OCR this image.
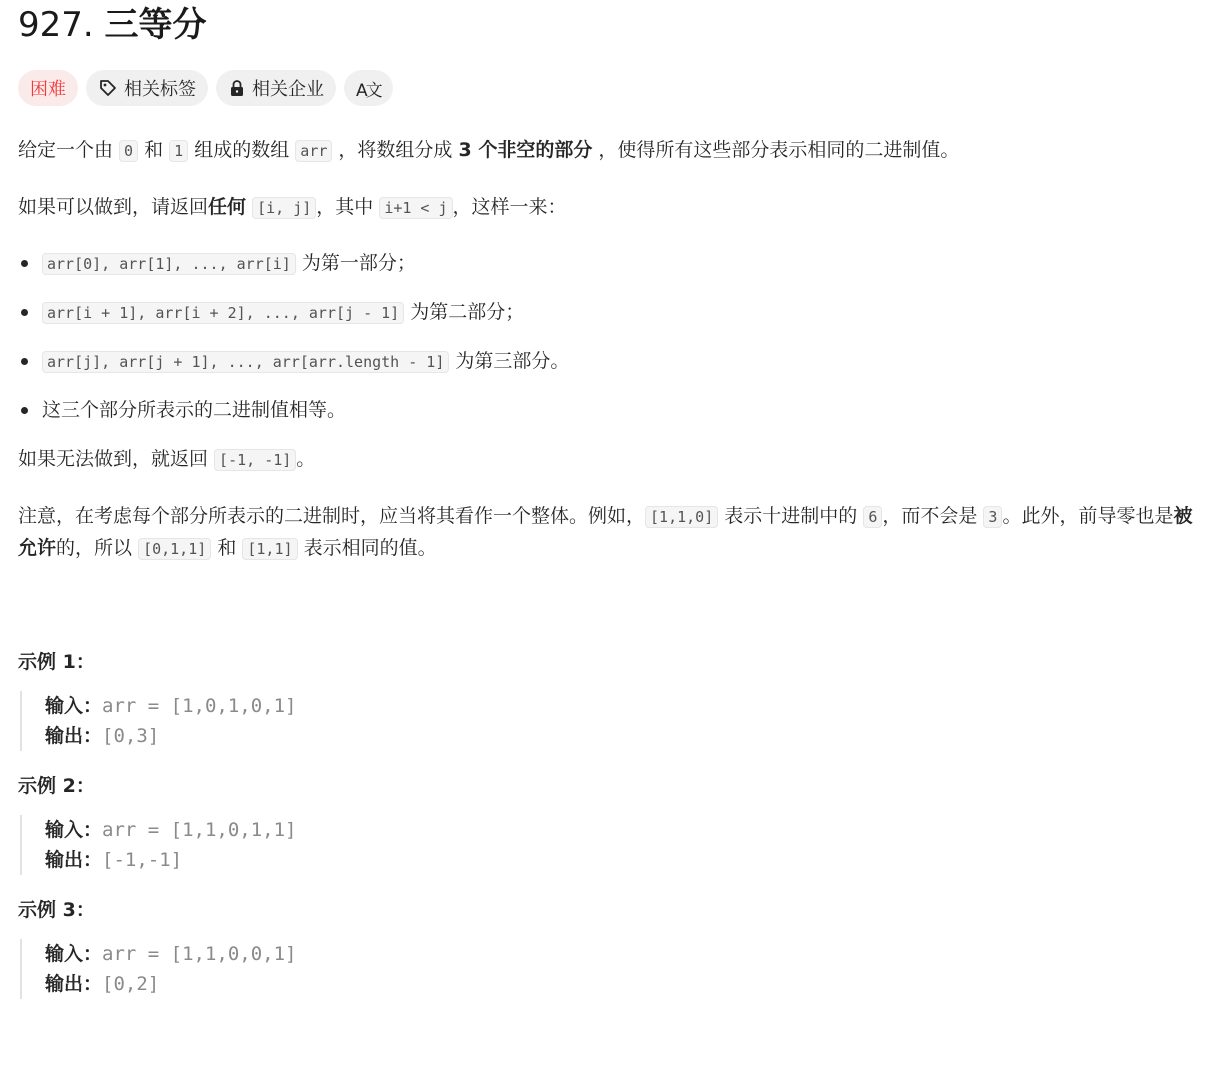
927. 三等分
困难	相关标签	相关企业 A文

给定一个由 0 和 1 组成的数组 arr ，将数组分成 3 个非空的部分 ，使得所有这些部分表示相同的二进制值。

如果可以做到，请返回任何 [i, j] ，其中 i+1 < j ，这样一来：

arr[0], arr[1], ..., arr[i] 为第一部分；
arr[i + 1], arr[i + 2], ..., arr[j - 1] 为第二部分；
arr[j], arr[j + 1], ..., arr[arr.length - 1] 为第三部分。
这三个部分所表示的二进制值相等。

如果无法做到，就返回 [-1, -1] 。

注意，在考虑每个部分所表示的二进制时，应当将其看作一个整体。例如， [1,1,0] 表示十进制中的 6 ，而不会是 3 。此外，前导零也是被允许的，所以 [0,1,1] 和 [1,1] 表示相同的值。

示例 1：

输入：arr = [1,0,1,0,1]
输出：[0,3]

示例 2：

输入：arr = [1,1,0,1,1]
输出：[-1,-1]

示例 3：

输入：arr = [1,1,0,0,1]
输出：[0,2]
